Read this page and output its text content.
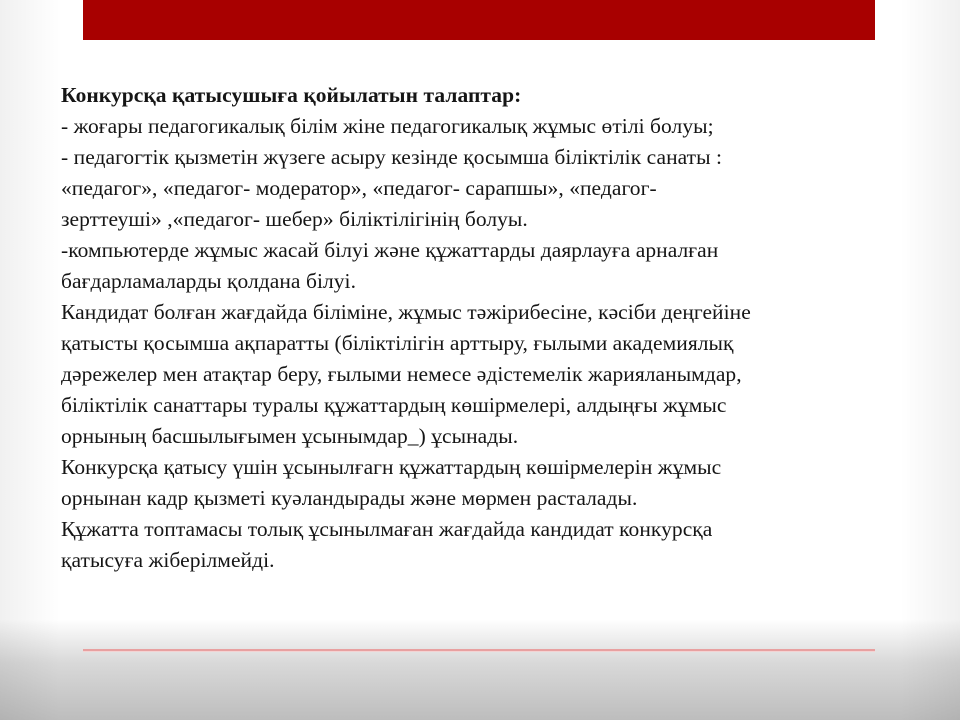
Конкурсқа қатысушыға қойылатын талаптар:

- жоғары педагогикалық білім жіне педагогикалық жұмыс өтілі болуы;

- педагогтік қызметін жүзеге асыру кезінде қосымша біліктілік санаты :

«педагог», «педагог- модератор», «педагог- сарапшы», «педагог-

зерттеуші» ,«педагог- шебер» біліктілігінің болуы.

-компьютерде жұмыс жасай білуі және құжаттарды даярлауға арналған

бағдарламаларды қолдана білуі.

Кандидат болған жағдайда біліміне, жұмыс тәжірибесіне, кәсіби деңгейіне

қатысты қосымша ақпаратты (біліктілігін арттыру, ғылыми академиялық

дәрежелер мен атақтар беру, ғылыми немесе әдістемелік жарияланымдар,

біліктілік санаттары туралы құжаттардың көшірмелері, алдыңғы жұмыс

орнының басшылығымен ұсынымдар_) ұсынады.

Конкурсқа қатысу үшін ұсынылғагн құжаттардың көшірмелерін жұмыс

орнынан кадр қызметі куәландырады және мөрмен расталады.

Құжатта топтамасы толық ұсынылмаған жағдайда кандидат конкурсқа

қатысуға жіберілмейді.
